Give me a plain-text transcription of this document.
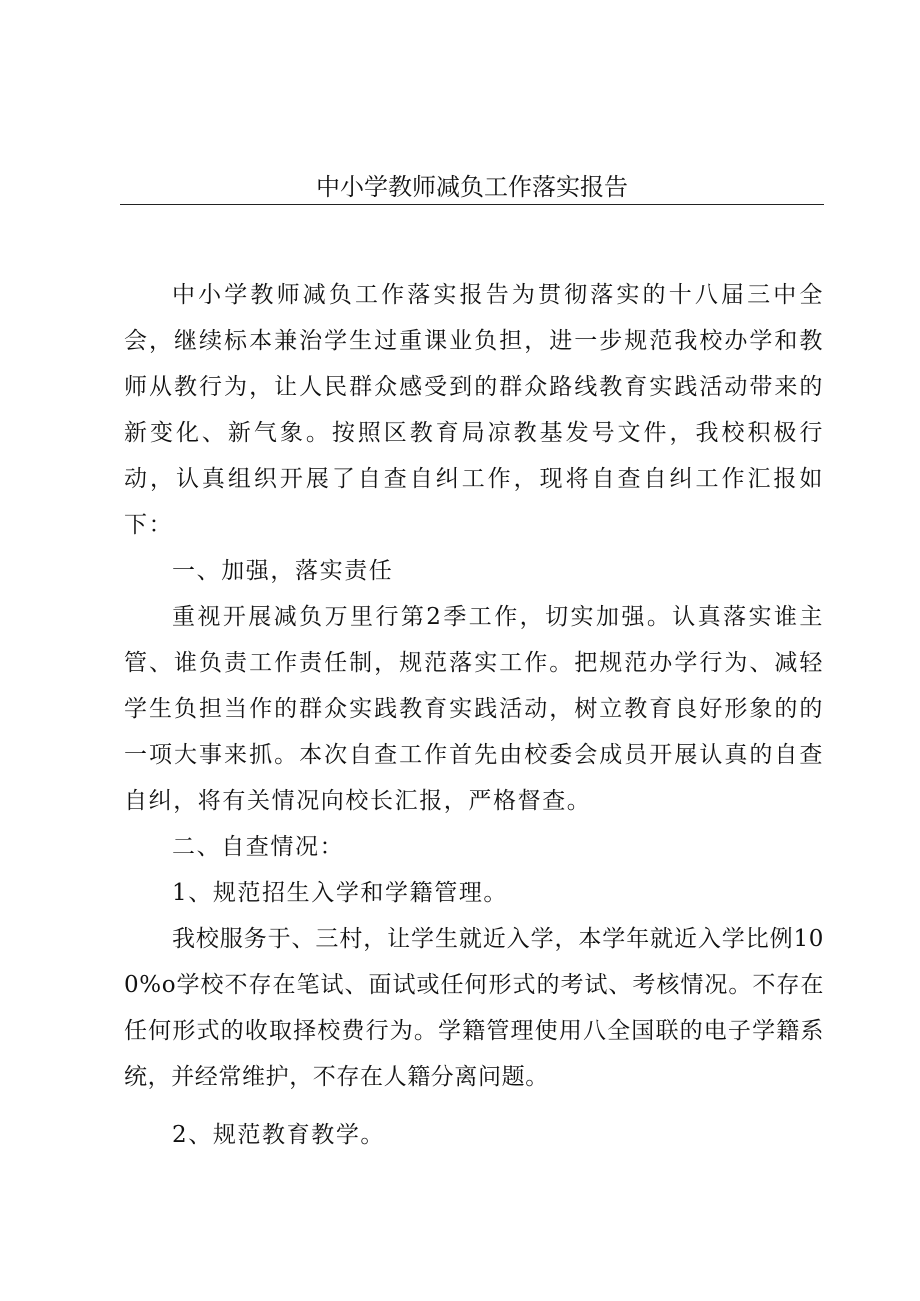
中小学教师减负工作落实报告

中小学教师减负工作落实报告为贯彻落实的十八届三中全会，继续标本兼治学生过重课业负担，进一步规范我校办学和教师从教行为，让人民群众感受到的群众路线教育实践活动带来的新变化、新气象。按照区教育局凉教基发号文件，我校积极行动，认真组织开展了自查自纠工作，现将自查自纠工作汇报如下：

一、加强，落实责任

重视开展减负万里行第2季工作，切实加强。认真落实谁主管、谁负责工作责任制，规范落实工作。把规范办学行为、减轻学生负担当作的群众实践教育实践活动，树立教育良好形象的的一项大事来抓。本次自查工作首先由校委会成员开展认真的自查自纠，将有关情况向校长汇报，严格督查。

二、自查情况：

1、规范招生入学和学籍管理。

我校服务于、三村，让学生就近入学，本学年就近入学比例100%o学校不存在笔试、面试或任何形式的考试、考核情况。不存在任何形式的收取择校费行为。学籍管理使用八全国联的电子学籍系统，并经常维护，不存在人籍分离问题。

2、规范教育教学。
